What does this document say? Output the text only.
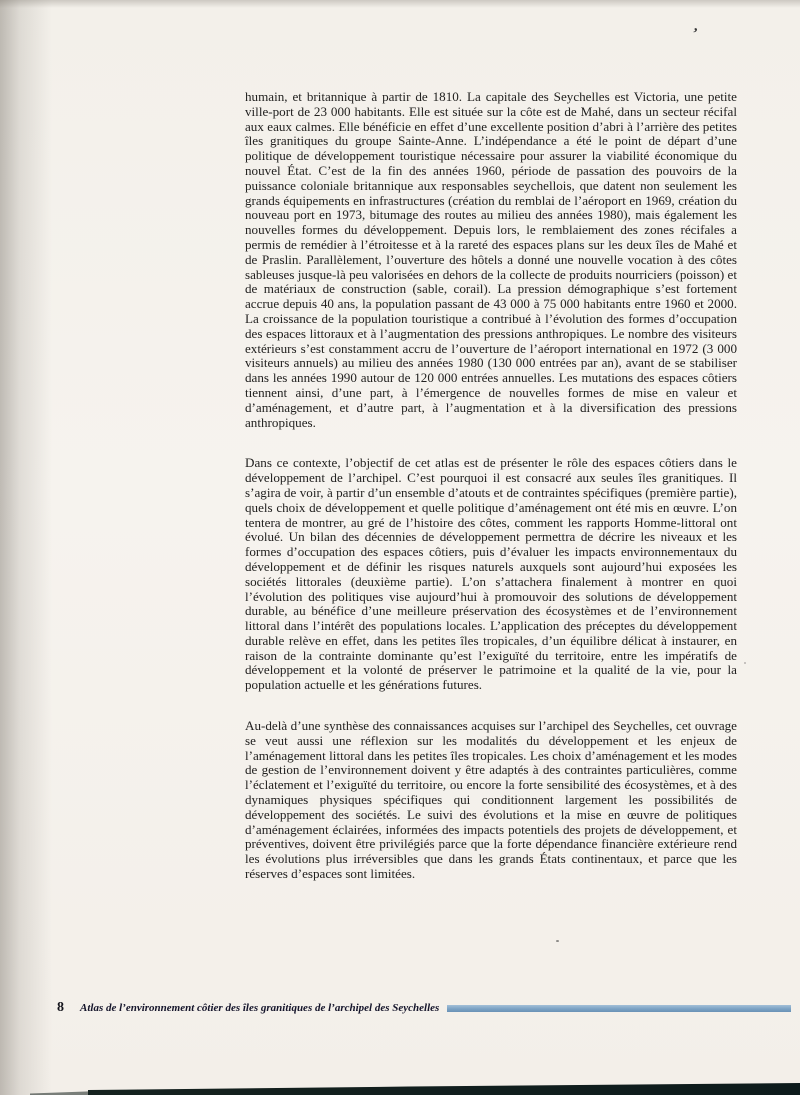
’

humain, et britannique à partir de 1810. La capitale des Seychelles est Victoria, une petite ville-port de 23 000 habitants. Elle est située sur la côte est de Mahé, dans un secteur récifal aux eaux calmes. Elle bénéficie en effet d’une excellente position d’abri à l’arrière des petites îles granitiques du groupe Sainte-Anne. L’indépendance a été le point de départ d’une politique de développement touristique nécessaire pour assurer la viabilité économique du nouvel État. C’est de la fin des années 1960, période de passation des pouvoirs de la puissance coloniale britannique aux responsables seychellois, que datent non seulement les grands équipements en infrastructures (création du remblai de l’aéroport en 1969, création du nouveau port en 1973, bitumage des routes au milieu des années 1980), mais également les nouvelles formes du développement. Depuis lors, le remblaiement des zones récifales a permis de remédier à l’étroitesse et à la rareté des espaces plans sur les deux îles de Mahé et de Praslin. Parallèlement, l’ouverture des hôtels a donné une nouvelle vocation à des côtes sableuses jusque-là peu valorisées en dehors de la collecte de produits nourriciers (poisson) et de matériaux de construction (sable, corail). La pression démographique s’est fortement accrue depuis 40 ans, la population passant de 43 000 à 75 000 habitants entre 1960 et 2000. La croissance de la population touristique a contribué à l’évolution des formes d’occupation des espaces littoraux et à l’augmentation des pressions anthropiques. Le nombre des visiteurs extérieurs s’est constamment accru de l’ouverture de l’aéroport international en 1972 (3 000 visiteurs annuels) au milieu des années 1980 (130 000 entrées par an), avant de se stabiliser dans les années 1990 autour de 120 000 entrées annuelles. Les mutations des espaces côtiers tiennent ainsi, d’une part, à l’émergence de nouvelles formes de mise en valeur et d’aménagement, et d’autre part, à l’augmentation et à la diversification des pressions anthropiques.

Dans ce contexte, l’objectif de cet atlas est de présenter le rôle des espaces côtiers dans le développement de l’archipel. C’est pourquoi il est consacré aux seules îles granitiques. Il s’agira de voir, à partir d’un ensemble d’atouts et de contraintes spécifiques (première partie), quels choix de développement et quelle politique d’aménagement ont été mis en œuvre. L’on tentera de montrer, au gré de l’histoire des côtes, comment les rapports Homme-littoral ont évolué. Un bilan des décennies de développement permettra de décrire les niveaux et les formes d’occupation des espaces côtiers, puis d’évaluer les impacts environnementaux du développement et de définir les risques naturels auxquels sont aujourd’hui exposées les sociétés littorales (deuxième partie). L’on s’attachera finalement à montrer en quoi l’évolution des politiques vise aujourd’hui à promouvoir des solutions de développement durable, au bénéfice d’une meilleure préservation des écosystèmes et de l’environnement littoral dans l’intérêt des populations locales. L’application des préceptes du développement durable relève en effet, dans les petites îles tropicales, d’un équilibre délicat à instaurer, en raison de la contrainte dominante qu’est l’exiguïté du territoire, entre les impératifs de développement et la volonté de préserver le patrimoine et la qualité de la vie, pour la population actuelle et les générations futures.

Au-delà d’une synthèse des connaissances acquises sur l’archipel des Seychelles, cet ouvrage se veut aussi une réflexion sur les modalités du développement et les enjeux de l’aménagement littoral dans les petites îles tropicales. Les choix d’aménagement et les modes de gestion de l’environnement doivent y être adaptés à des contraintes particulières, comme l’éclatement et l’exiguïté du territoire, ou encore la forte sensibilité des écosystèmes, et à des dynamiques physiques spécifiques qui conditionnent largement les possibilités de développement des sociétés. Le suivi des évolutions et la mise en œuvre de politiques d’aménagement éclairées, informées des impacts potentiels des projets de développement, et préventives, doivent être privilégiés parce que la forte dépendance financière extérieure rend les évolutions plus irréversibles que dans les grands États continentaux, et parce que les réserves d’espaces sont limitées.

8 Atlas de l’environnement côtier des îles granitiques de l’archipel des Seychelles
